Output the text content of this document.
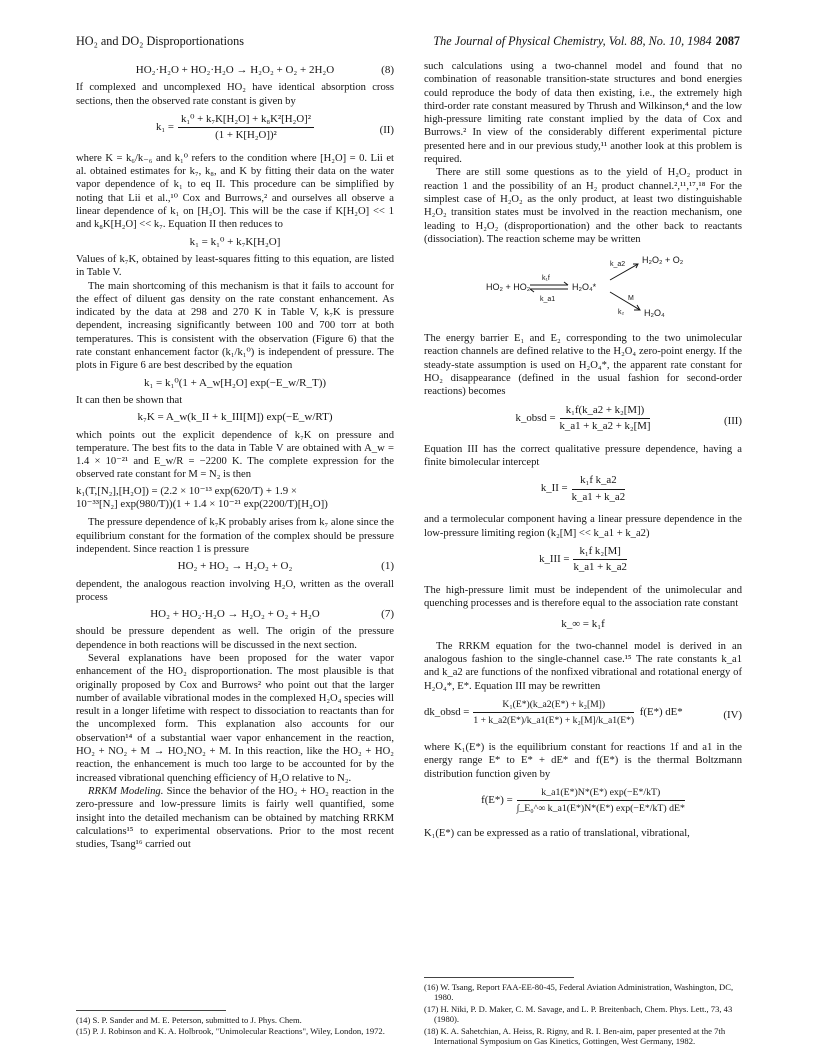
HO₂ and DO₂ Disproportionations	The Journal of Physical Chemistry, Vol. 88, No. 10, 1984 2087
HO₂·H₂O + HO₂·H₂O → H₂O₂ + O₂ + 2H₂O	(8)

If complexed and uncomplexed HO₂ have identical absorption cross sections, then the observed rate constant is given by

$k_1 = \frac{\text{k₁⁰ + k₇K[H₂O] + k₈K²[H₂O]²}}{\text{(1 + K[H₂O])²}}$	(II)

where K = k₆/k₋₆ and k₁⁰ refers to the condition where [H₂O] = 0. Lii et al. obtained estimates for k₇, k₈, and K by fitting their data on the water vapor dependence of k₁ to eq II. This procedure can be simplified by noting that Lii et al.,¹⁰ Cox and Burrows,² and ourselves all observe a linear dependence of k₁ on [H₂O]. This will be the case if K[H₂O] << 1 and k₈K[H₂O] << k₇. Equation II then reduces to

k₁ = k₁⁰ + k₇K[H₂O]

Values of k₇K, obtained by least-squares fitting to this equation, are listed in Table V.

The main shortcoming of this mechanism is that it fails to account for the effect of diluent gas density on the rate constant enhancement. As indicated by the data at 298 and 270 K in Table V, k₇K is pressure dependent, increasing significantly between 100 and 700 torr at both temperatures. This is consistent with the observation (Figure 6) that the rate constant enhancement factor (k₁/k₁⁰) is independent of pressure. The plots in Figure 6 are best described by the equation

k₁ = k₁⁰(1 + A_w[H₂O] exp(−E_w/R_T))

It can then be shown that

k₇K = A_w(k_II + k_III[M]) exp(−E_w/RT)

which points out the explicit dependence of k₇K on pressure and temperature. The best fits to the data in Table V are obtained with A_w = 1.4 × 10⁻²¹ and E_w/R = −2200 K. The complete expression for the observed rate constant for M = N₂ is then

k₁(T,[N₂],[H₂O]) = (2.2 × 10⁻¹³ exp(620/T) + 1.9 ×
10⁻³³[N₂] exp(980/T))(1 + 1.4 × 10⁻²¹ exp(2200/T)[H₂O])

The pressure dependence of k₇K probably arises from k₇ alone since the equilibrium constant for the formation of the complex should be pressure independent. Since reaction 1 is pressure

HO₂ + HO₂ → H₂O₂ + O₂	(1)

dependent, the analogous reaction involving H₂O, written as the overall process

HO₂ + HO₂·H₂O → H₂O₂ + O₂ + H₂O	(7)

should be pressure dependent as well. The origin of the pressure dependence in both reactions will be discussed in the next section.

Several explanations have been proposed for the water vapor enhancement of the HO₂ disproportionation. The most plausible is that originally proposed by Cox and Burrows² who point out that the larger number of available vibrational modes in the complexed H₂O₄ species will result in a longer lifetime with respect to dissociation to reactants than for the uncomplexed form. This explanation also accounts for our observation¹⁴ of a substantial waer vapor enhancement in the reaction, HO₂ + NO₂ + M → HO₂NO₂ + M. In this reaction, like the HO₂ + HO₂ reaction, the enhancement is much too large to be accounted for by the increased vibrational quenching efficiency of H₂O relative to N₂.

RRKM Modeling. Since the behavior of the HO₂ + HO₂ reaction in the zero-pressure and low-pressure limits is fairly well quantified, some insight into the detailed mechanism can be obtained by matching RRKM calculations¹⁵ to experimental observations. Prior to the most recent studies, Tsang¹⁶ carried out

(14) S. P. Sander and M. E. Peterson, submitted to J. Phys. Chem.

(15) P. J. Robinson and K. A. Holbrook, "Unimolecular Reactions", Wiley, London, 1972.

such calculations using a two-channel model and found that no combination of reasonable transition-state structures and bond energies could reproduce the body of data then existing, i.e., the extremely high third-order rate constant measured by Thrush and Wilkinson,⁴ and the low high-pressure limiting rate constant implied by the data of Cox and Burrows.² In view of the considerably different experimental picture presented here and in our previous study,¹¹ another look at this problem is required.

There are still some questions as to the yield of H₂O₂ product in reaction 1 and the possibility of an H₂ product channel.²,¹¹,¹⁷,¹⁸ For the simplest case of H₂O₂ as the only product, at least two distinguishable H₂O₂ transition states must be involved in the reaction mechanism, one leading to H₂O₂ (disproportionation) and the other back to reactants (dissociation). The reaction scheme may be written

HO₂ + HO₂
k₁f
k_a1
H₂O₄*
k_a2 H₂O₂ + O₂
M
k₂ H₂O₄

The energy barrier E₁ and E₂ corresponding to the two unimolecular reaction channels are defined relative to the H₂O₄ zero-point energy. If the steady-state assumption is used on H₂O₄*, the apparent rate constant for HO₂ disappearance (defined in the usual fashion for second-order reactions) becomes

k_obsd = $\frac{\text{k₁f(k\_a2 + k₂[M])}}{\text{k\_a1 + k\_a2 + k₂[M]}}$	(III)

Equation III has the correct qualitative pressure dependence, having a finite bimolecular intercept

k_II = $\frac{\text{k₁f k\_a2}}{k\_a1 + k\_a2}$

and a termolecular component having a linear pressure dependence in the low-pressure limiting region (k₂[M] << k_a1 + k_a2)

k_III = $\frac{\text{k₁f k₂[M]}}{k\_a1 + k\_a2}$

The high-pressure limit must be independent of the unimolecular and quenching processes and is therefore equal to the association rate constant

k_∞ = k₁f

The RRKM equation for the two-channel model is derived in an analogous fashion to the single-channel case.¹⁵ The rate constants k_a1 and k_a2 are functions of the nonfixed vibrational and rotational energy of H₂O₄*, E*. Equation III may be rewritten

dk_obsd = $\frac{\text{K₁(E*)(k\_a2(E*) + k₂[M])}}{\text{1 + k\_a2(E*)/k\_a1(E*) + k₂[M]/k\_a1(E*)}} f(E*)$ dE*	(IV)

where K₁(E*) is the equilibrium constant for reactions 1f and a1 in the energy range E* to E* + dE* and f(E*) is the thermal Boltzmann distribution function given by

$f(E*) = \frac{k\_a1(E*)N*(E*) \exp(-E*/kT)}{\text{∫\_E₀\textasciicircum{}∞ k\_a1(E*)N*(E*) exp(−E*/kT) dE*}}$

K₁(E*) can be expressed as a ratio of translational, vibrational,

(16) W. Tsang, Report FAA-EE-80-45, Federal Aviation Administration, Washington, DC, 1980.

(17) H. Niki, P. D. Maker, C. M. Savage, and L. P. Breitenbach, Chem. Phys. Lett., 73, 43 (1980).

(18) K. A. Sahetchian, A. Heiss, R. Rigny, and R. I. Ben-aim, paper presented at the 7th International Symposium on Gas Kinetics, Gottingen, West Germany, 1982.
